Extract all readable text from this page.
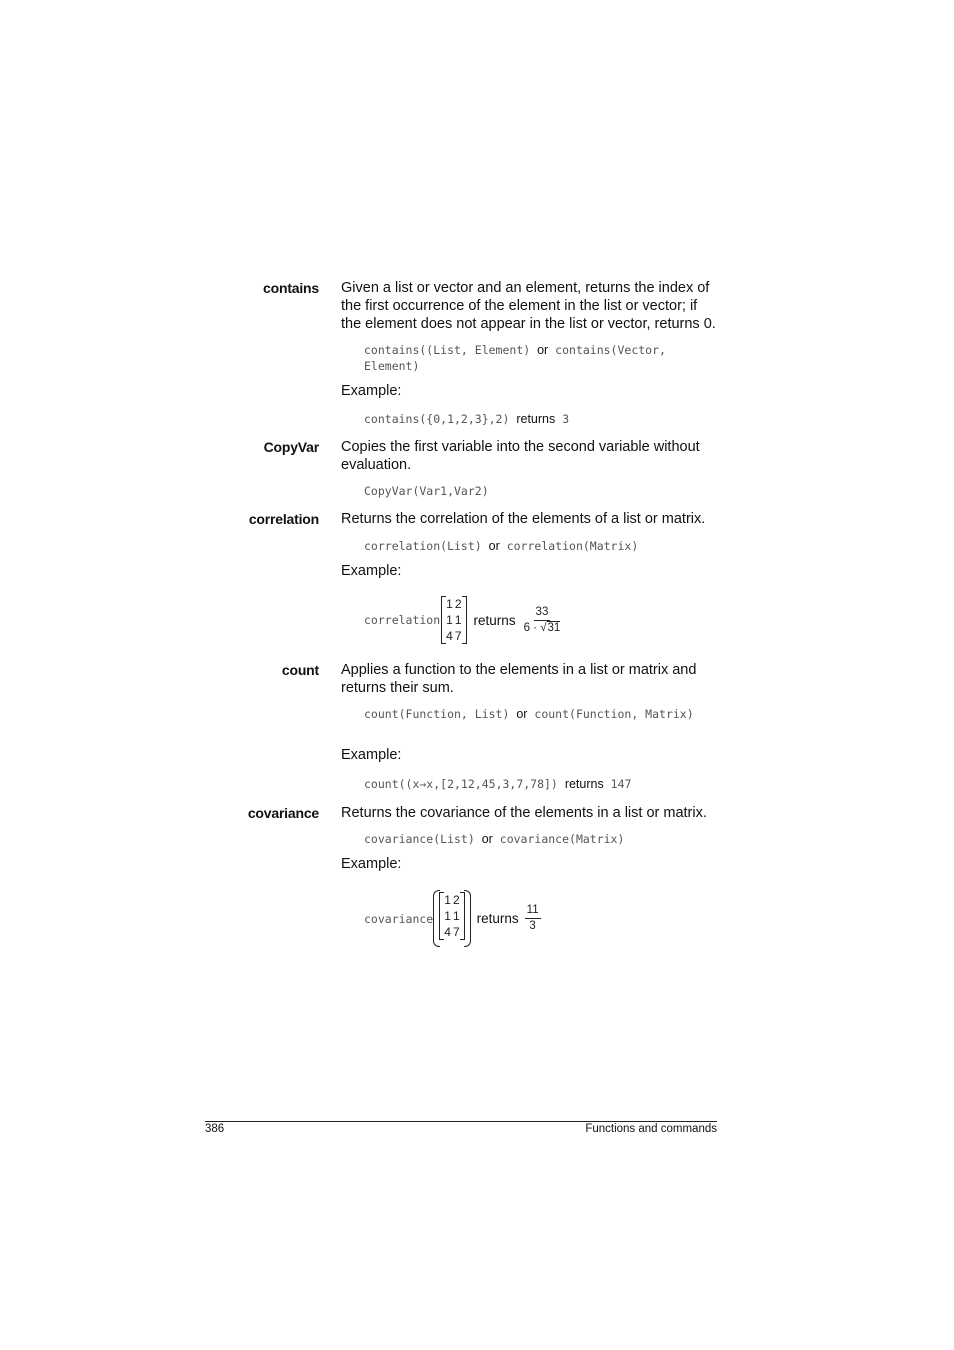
contains Given a list or vector and an element, returns the index of the first occurrence of the element in the list or vector; if the element does not appear in the list or vector, returns 0.
contains((List, Element) or contains(Vector, Element)
Example:
contains({0,1,2,3},2) returns 3
CopyVar Copies the first variable into the second variable without evaluation.
CopyVar(Var1,Var2)
correlation Returns the correlation of the elements of a list or matrix.
correlation(List) or correlation(Matrix)
Example:
correlation
1	2
1	1
4	7
returns $\frac{33}{6 \cdot √31}$
count Applies a function to the elements in a list or matrix and returns their sum.
count(Function, List) or count(Function, Matrix)
Example:
count((x→x,[2,12,45,3,7,78]) returns 147
covariance Returns the covariance of the elements in a list or matrix.
covariance(List) or covariance(Matrix)
Example:
covariance
1	2
1	1
4	7
returns $\frac{11}{3}$
386	Functions and commands
